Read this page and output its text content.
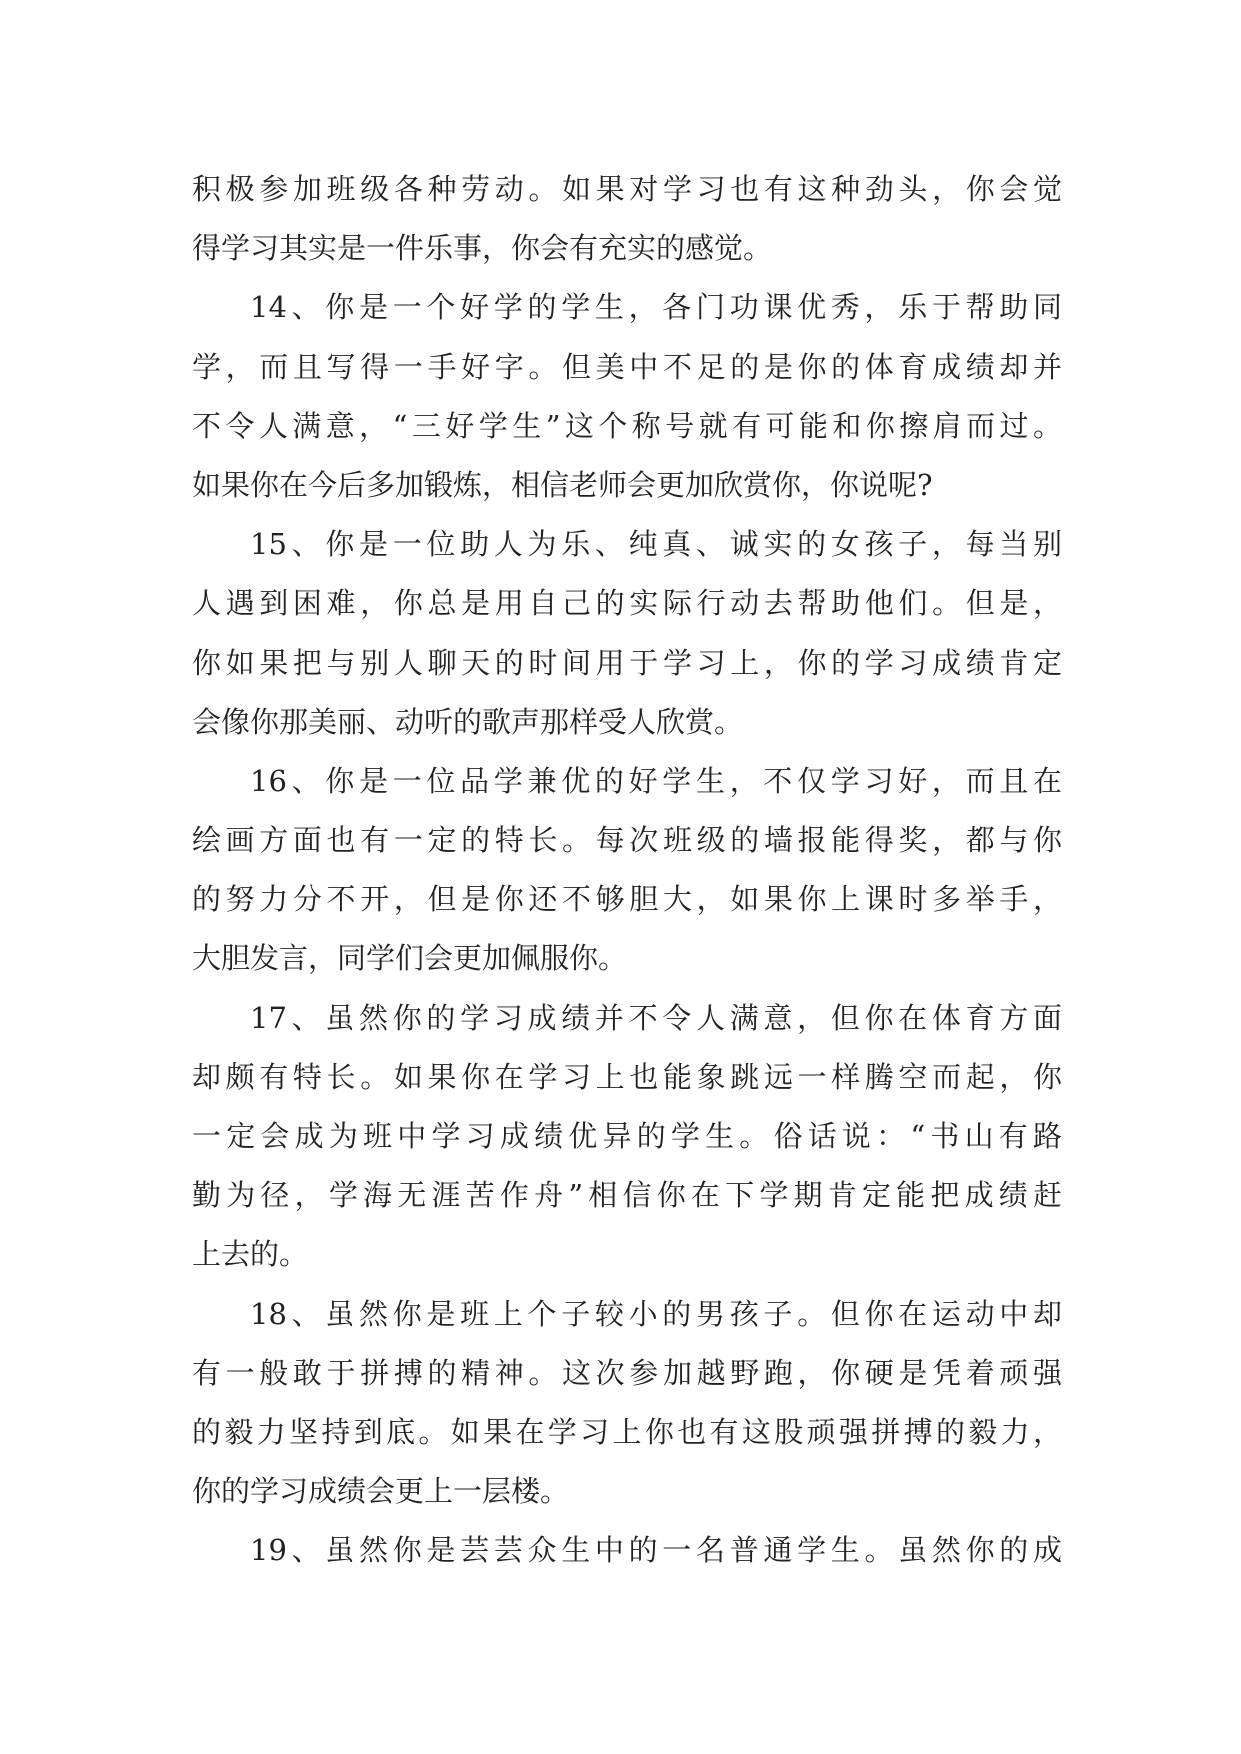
积极参加班级各种劳动。如果对学习也有这种劲头，你会觉
得学习其实是一件乐事，你会有充实的感觉。
14、你是一个好学的学生，各门功课优秀，乐于帮助同
学，而且写得一手好字。但美中不足的是你的体育成绩却并
不令人满意，“三好学生”这个称号就有可能和你擦肩而过。
如果你在今后多加锻炼，相信老师会更加欣赏你，你说呢?
15、你是一位助人为乐、纯真、诚实的女孩子，每当别
人遇到困难，你总是用自己的实际行动去帮助他们。但是，
你如果把与别人聊天的时间用于学习上，你的学习成绩肯定
会像你那美丽、动听的歌声那样受人欣赏。
16、你是一位品学兼优的好学生，不仅学习好，而且在
绘画方面也有一定的特长。每次班级的墙报能得奖，都与你
的努力分不开，但是你还不够胆大，如果你上课时多举手，
大胆发言，同学们会更加佩服你。
17、虽然你的学习成绩并不令人满意，但你在体育方面
却颇有特长。如果你在学习上也能象跳远一样腾空而起，你
一定会成为班中学习成绩优异的学生。俗话说：“书山有路
勤为径，学海无涯苦作舟”相信你在下学期肯定能把成绩赶
上去的。
18、虽然你是班上个子较小的男孩子。但你在运动中却
有一般敢于拼搏的精神。这次参加越野跑，你硬是凭着顽强
的毅力坚持到底。如果在学习上你也有这股顽强拼搏的毅力，
你的学习成绩会更上一层楼。
19、虽然你是芸芸众生中的一名普通学生。虽然你的成
